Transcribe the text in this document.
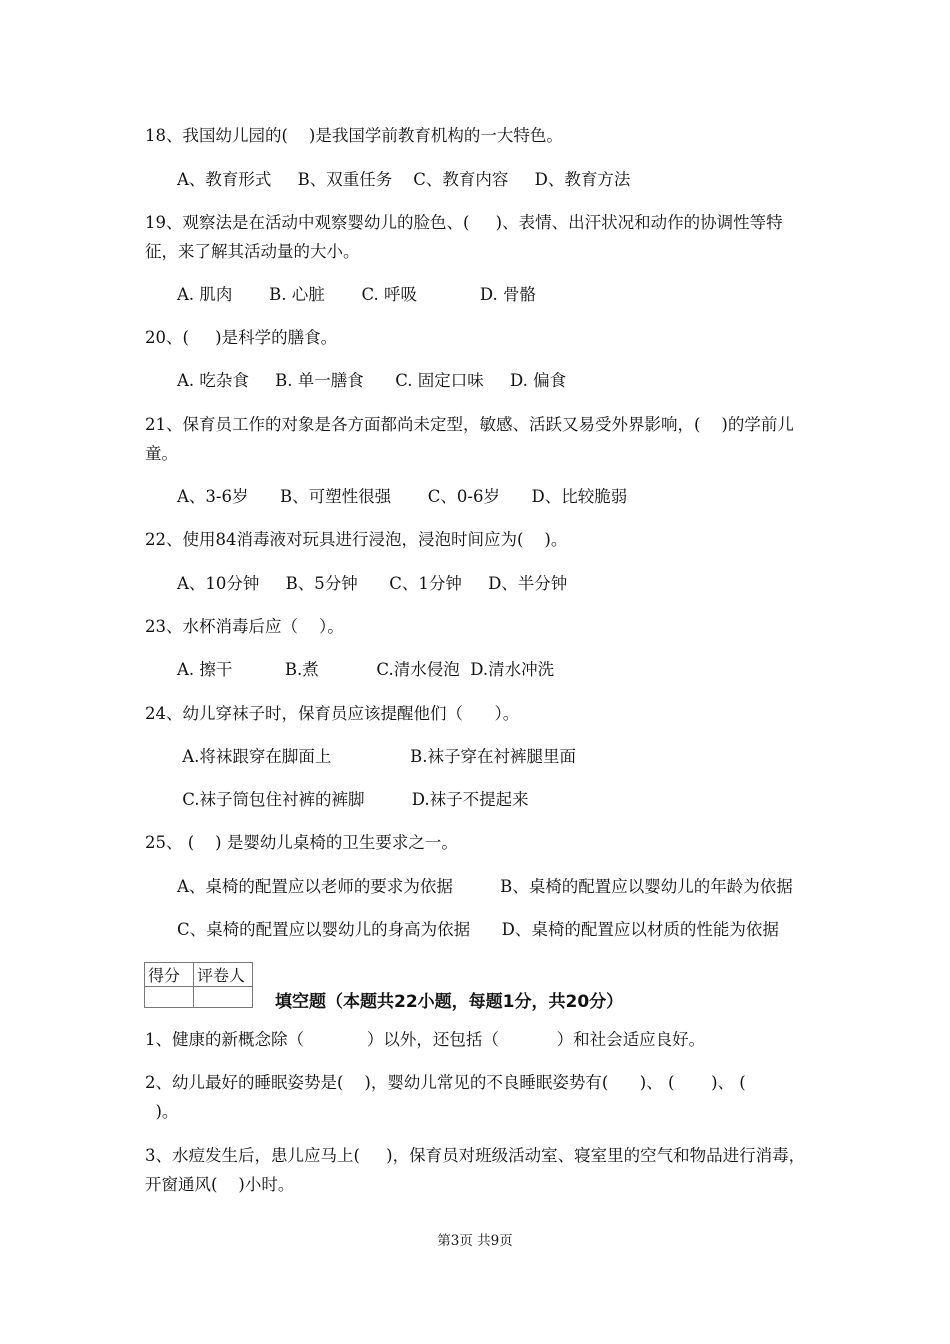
18、我国幼儿园的(    )是我国学前教育机构的一大特色。
A、教育形式     B、双重任务    C、教育内容     D、教育方法
19、观察法是在活动中观察婴幼儿的脸色、(     )、表情、出汗状况和动作的协调性等特
征，来了解其活动量的大小。
A. 肌肉       B. 心脏       C. 呼吸            D. 骨骼
20、(     )是科学的膳食。
A. 吃杂食     B. 单一膳食      C. 固定口味     D. 偏食
21、保育员工作的对象是各方面都尚未定型，敏感、活跃又易受外界影响，(    )的学前儿
童。
A、3-6岁      B、可塑性很强       C、0-6岁      D、比较脆弱
22、使用84消毒液对玩具进行浸泡，浸泡时间应为(    )。
A、10分钟     B、5分钟      C、1分钟     D、半分钟
23、水杯消毒后应（    ）。
A. 擦干          B.煮           C.清水侵泡  D.清水冲洗
24、幼儿穿袜子时，保育员应该提醒他们（      ）。
A.将袜跟穿在脚面上               B.袜子穿在衬裤腿里面
C.袜子筒包住衬裤的裤脚         D.袜子不提起来
25、 (    ) 是婴幼儿桌椅的卫生要求之一。
A、桌椅的配置应以老师的要求为依据         B、桌椅的配置应以婴幼儿的年龄为依据
C、桌椅的配置应以婴幼儿的身高为依据      D、桌椅的配置应以材质的性能为依据
得分	评卷人

填空题（本题共22小题，每题1分，共20分）
1、健康的新概念除（            ）以外，还包括（           ）和社会适应良好。
2、幼儿最好的睡眠姿势是(    )，婴幼儿常见的不良睡眠姿势有(      )、 (       )、 (
)。
3、水痘发生后，患儿应马上(     )，保育员对班级活动室、寝室里的空气和物品进行消毒，
开窗通风(    )小时。
第3页 共9页
